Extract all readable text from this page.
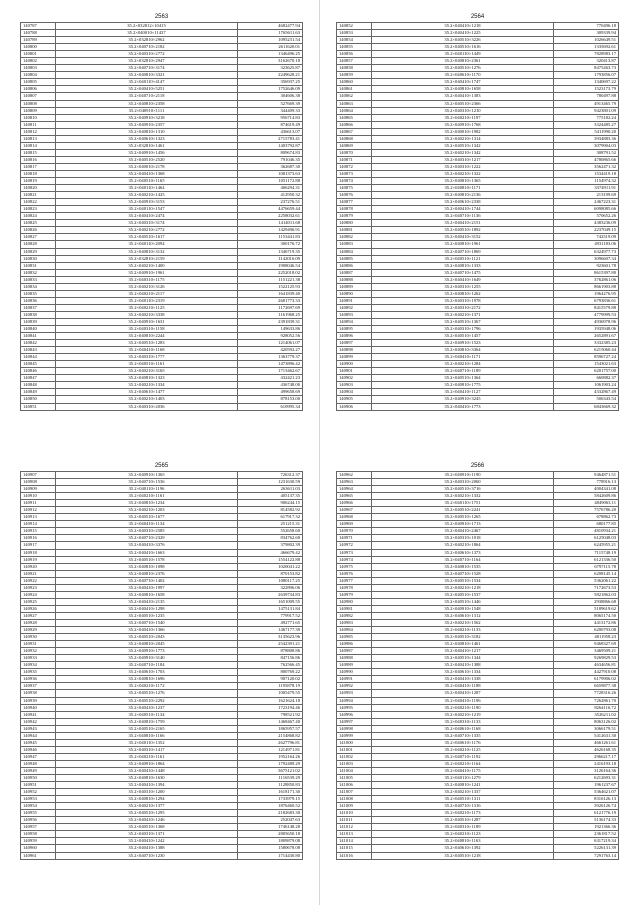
2563
140787	35.2×032812×10415	4682477.94
140788	35.2×040010×11437	1765611.63
140789	35.2×032810×2962	1095231.54
140800	35.2×040710×2182	2611620.01
140801	35.2×040310×2772	1346496.25
140802	35.2×032810×2947	3162670.18
140803	35.2×040710×3174	323625.87
140804	35.2×040810×3321	2249628.21
140805	35.2×040110×4147	356937.25
140806	35.2×040410×5251	1752646.09
140807	35.2×040710×2118	304606.38
140808	35.2×040810×2358	527669.39
140809	35.2×040910×1111	344409.33
140810	35.2×040910×3218	956714.83
140811	35.2×040910×2357	874619.49
140812	35.2×040810×1310	436613.07
140813	35.2×040610×1323	2715783.41
140814	35.2×032810×1461	1403792.87
140815	35.2×040910×1456	809674.83
140816	35.2×040510×2520	791046.35
140817	35.2×040010×2178	362687.30
140818	35.2×040410×1368	1081373.63
140819	35.2×040510×1165	1051172.88
140820	35.2×040110×1464	406294.31
140821	35.2×040210×1425	412950.32
140822	35.2×040910×3153	237276.51
140823	35.2×040110×1547	4476659.44
140824	35.2×040410×2474	2258032.61
140825	35.2×040310×3174	1414011.68
140826	35.2×040210×2772	1429496.91
140827	35.2×040510×1617	1153441.83
140828	35.2×040110×2094	300176.72
140829	35.2×040810×3132	1346719.35
140830	35.2×032810×2159	1142016.09
140831	35.2×040210×1400	1908046.54
140832	35.2×040910×1961	2252018.02
140833	35.2×040310×1175	1151221.38
140834	35.2×040210×3126	1522125.93
140835	35.2×040210×2117	1641839.40
140836	35.2×040110×2319	2681773.33
140837	35.2×040210×1125	1172697.69
140838	35.2×040210×3338	1161968.25
140839	35.2×040910×1631	2391839.31
140840	35.2×040310×1158	149633.86
140841	35.2×040810×2244	928052.56
140842	35.2×040510×1283	1214061.07
140843	35.2×040410×1168	420592.27
140844	35.2×040310×1777	1363779.37
140845	35.2×040510×1161	1473896.42
140846	35.2×040210×3165	1713462.67
140847	35.2×040810×1323	432421.23
140848	35.2×040210×1334	436748.00
140849	35.2×040610×1477	499658.69
140850	35.2×040210×1403	878153.00
140851	35.2×040310×2036	610995.34
2564
140852	35.2×040410×1218	770496.18
140853	35.2×040410×1225	309339.94
140854	35.2×040510×3226	1026649.51
140855	35.2×040510×1616	1335692.61
140856	35.2×040110×1449	7828983.17
140857	35.2×040810×2361	320413.87
140858	35.2×040510×1276	8475263.73
140859	35.2×040610×1170	1793856.07
140860	35.2×040410×1747	1340697.22
140861	35.2×040810×1658	1523173.79
140862	35.2×040410×1383	780497.88
140863	35.2×040510×2366	4913465.79
140864	35.2×040310×1210	9423801.09
140865	35.2×040210×1197	775182.24
140866	35.2×040910×1768	3324485.27
140867	35.2×040010×1982	5411990.20
140868	35.2×040210×1314	3934883.36
140869	35.2×040510×1342	3079904.03
140870	35.2×040210×1342	308791.52
140871	35.2×040310×1217	4780865.66
140872	35.2×040310×1222	3562471.32
140873	35.2×040210×1322	1534419.18
140874	35.2×040810×1365	1154974.32
140875	35.2×040810×1171	3374911.91
140876	35.2×040810×2136	213199.69
140877	35.2×040610×2338	2467223.31
140878	35.2×040410×1744	6098085.66
140879	35.2×040710×1136	570652.26
140880	35.2×040410×2151	4383236.09
140881	35.2×040510×1892	2237049.15
140882	35.2×040410×3152	742519.09
140883	35.2×040810×1961	4931183.06
140884	35.2×040710×1869	6324977.73
140885	35.2×040510×1121	3096607.34
140886	35.2×040810×1333	923601.78
140887	35.2×040710×1475	8615397.80
140888	35.2×040410×1649	3762861.06
140889	35.2×040310×1255	8661903.88
140890	35.2×040810×1262	1964276.95
140891	35.2×040310×1978	6793836.61
140892	35.2×040310×2172	8415579.88
140893	35.2×040210×1371	4779999.53
140894	35.2×040510×1367	4936978.96
140895	35.2×040310×1796	1935948.06
140896	35.2×040510×1457	2652891.67
140897	35.2×040910×1523	3332385.23
140898	35.2×040810×3364	6215060.44
140899	35.2×040410×1171	8596727.24
140900	35.2×040210×1284	1543021.63
140901	35.2×040710×1189	6201757.00
140902	35.2×040510×1364	660882.37
140903	35.2×040810×1775	1061903.24
140904	35.2×040410×1127	4332867.49
140905	35.2×040910×3245	506343.54
140906	35.2×040410×1773	6843669.32
2565
140907	35.2×040910×1365	726312.37
140908	35.2×040710×1536	1231630.59
140909	35.2×040110×1196	263611.03
140910	35.2×040210×1161	405137.35
140911	35.2×040810×1234	906244.15
140912	35.2×040210×1203	814582.92
140913	35.2×040510×1677	617917.32
140914	35.2×040410×1134	251215.31
140915	35.2×040310×2585	552658.60
140916	35.2×040710×2329	834762.60
140917	35.2×040410×3376	379802.39
140918	35.2×040410×1663	466679.42
140919	35.2×040510×1578	1554122.88
140920	35.2×040810×1098	1020041.22
140921	35.2×040810×2376	870153.82
140922	35.2×040710×1402	1080117.25
140923	35.2×040410×1997	322896.06
140924	35.2×040810×1658	2639734.83
140925	35.2×040410×2135	1651009.55
140926	35.2×040410×1298	1475131.84
140927	35.2×040510×1235	779917.52
140928	35.2×040710×1540	492771.65
140929	35.2×040410×1366	1467177.39
140930	35.2×040510×2043	3135623.96
140931	35.2×040810×2045	2542391.21
140932	35.2×040910×1773	878808.86
140933	35.2×040910×3140	847156.86
140934	35.2×040710×1184	762566.45
140935	35.2×040610×1703	800769.22
140936	35.2×040810×1696	907120.02
140937	35.2×040210×1172	1195878.19
140938	35.2×040510×1276	1005479.55
140939	35.2×040510×2292	1621624.18
140940	35.2×040410×1237	1723194.46
140941	35.2×040510×1134	798521.92
140942	35.2×040810×1759	1468467.40
140943	35.2×040510×2165	1865957.57
140944	35.2×040810×1166	2154868.82
140945	35.2×040110×1352	2627796.81
140946	35.2×040310×1417	1214971.81
140947	35.2×040210×1161	1952164.26
140948	35.2×040910×1864	1792489.29
140949	35.2×040410×1448	3675121.02
140950	35.2×040810×1630	1116539.29
140951	35.2×040410×1394	1128850.83
140952	35.2×040310×1200	1618171.30
140953	35.2×040810×1294	1733979.15
140954	35.2×040210×1377	1876460.52
140955	35.2×040510×1295	2182683.30
140956	35.2×040410×1246	252047.63
140957	35.2×040510×1368	1746148.28
140958	35.2×040310×1371	2805650.18
140959	35.2×040410×1242	1809879.08
140960	35.2×040410×1388	1580678.08
140961	35.2×040710×1230	1714430.80
2566
140962	35.2×040910×1190	9464871.51
140963	35.2×040310×2060	778916.13
140964	35.2×040510×3716	4004341.08
140965	35.2×040210×1332	5842609.86
140966	35.2×040110×1751	4849063.11
140967	35.2×040510×2241	7576786.20
140968	35.2×040510×1265	678862.73
140969	35.2×040910×1713	680177.85
140970	35.2×040410×2467	4810934.21
140971	35.2×040310×1018	6125048.03
140972	35.2×040210×1864	6245955.21
140973	35.2×040610×1373	7115748.19
140974	35.2×040710×1164	6121336.50
140975	35.2×040810×1535	6797115.78
140976	35.2×040710×1528	6208145.14
140977	35.2×040510×1534	5362061.22
140978	35.2×040210×1218	7172673.53
140979	35.2×040510×1537	5821862.03
140980	35.2×040510×1446	2938866.68
140981	35.2×040910×1548	5189619.62
140982	35.2×040610×1312	8065174.50
140983	35.2×040210×1562	4413172.86
140984	35.2×040210×1133	6200793.08
140985	35.2×040510×3182	4811958.23
140986	35.2×040810×1461	9468327.69
140987	35.2×040410×1217	3469509.21
140988	35.2×040510×1344	9269829.53
140989	35.2×040410×1388	4634656.81
140990	35.2×040610×1334	4427910.08
140991	35.2×040410×1338	6179906.02
140992	35.2×040410×1188	6659877.38
140993	35.2×040410×1287	7728316.26
140994	35.2×040410×1196	7262861.70
140995	35.2×040210×1190	8264116.72
140996	35.2×040210×1219	3526211.02
140997	35.2×040310×1133	8063126.02
140998	35.2×040610×1168	3066179.51
140999	35.2×040710×1335	5412631.30
141000	35.2×040610×1176	4661261.61
141001	35.2×040210×1125	4626168.35
141002	35.2×040710×1192	2966217.17
141003	35.2×040210×1164	2416193.18
141004	35.2×040410×1175	3126164.36
141005	35.2×040110×1279	6212693.31
141006	35.2×040810×1241	1961237.67
141007	35.2×040210×1337	5364621.07
141008	35.2×040510×1311	8316126.13
141009	35.2×040710×1316	3926126.74
141010	35.2×040210×1173	6121776.19
141011	35.2×040510×1287	5136174.33
141012	35.2×040310×1189	1921366.36
141013	35.2×040210×1123	2361817.52
141014	35.2×040810×1163	6317219.34
141015	35.2×040610×1392	5226131.39
141016	35.2×040510×1218	7291763.14
